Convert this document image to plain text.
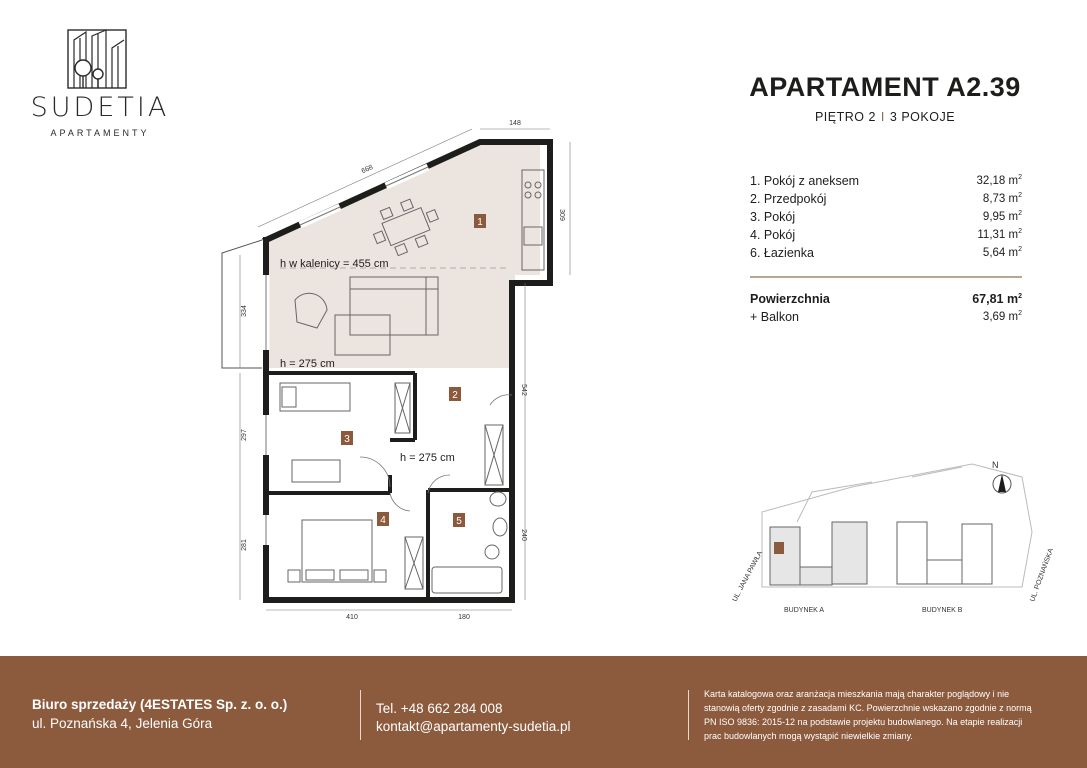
SUDETIA
APARTAMENTY
APARTAMENT A2.39
PIĘTRO 2 I 3 POKOJE
1. Pokój z aneksem	32,18 $m^2$
2. Przedpokój	8,73 $m^2$
3. Pokój	9,95 $m^2$
4. Pokój	11,31 $m^2$
6. Łazienka	5,64 $m^2$
Powierzchnia	67,81 $m^2$
+ Balkon	3,69 $m^2$
1
2
3
4	5
h w kalenicy = 455 cm
h = 275 cm
h = 275 cm
668
148
309
542
240
334
297
281
410	180
N
UL. JANA PAWŁA	UL. POZNAŃSKA
BUDYNEK A	BUDYNEK B
Biuro sprzedaży (4ESTATES Sp. z. o. o.)
ul. Poznańska 4, Jelenia Góra
Tel. +48 662 284 008
kontakt@apartamenty-sudetia.pl
Karta katalogowa oraz aranżacja mieszkania mają charakter poglądowy i nie stanowią oferty zgodnie z zasadami KC. Powierzchnie wskazano zgodnie z normą PN ISO 9836: 2015-12 na podstawie projektu budowlanego. Na etapie realizacji prac budowlanych mogą wystąpić niewielkie zmiany.
